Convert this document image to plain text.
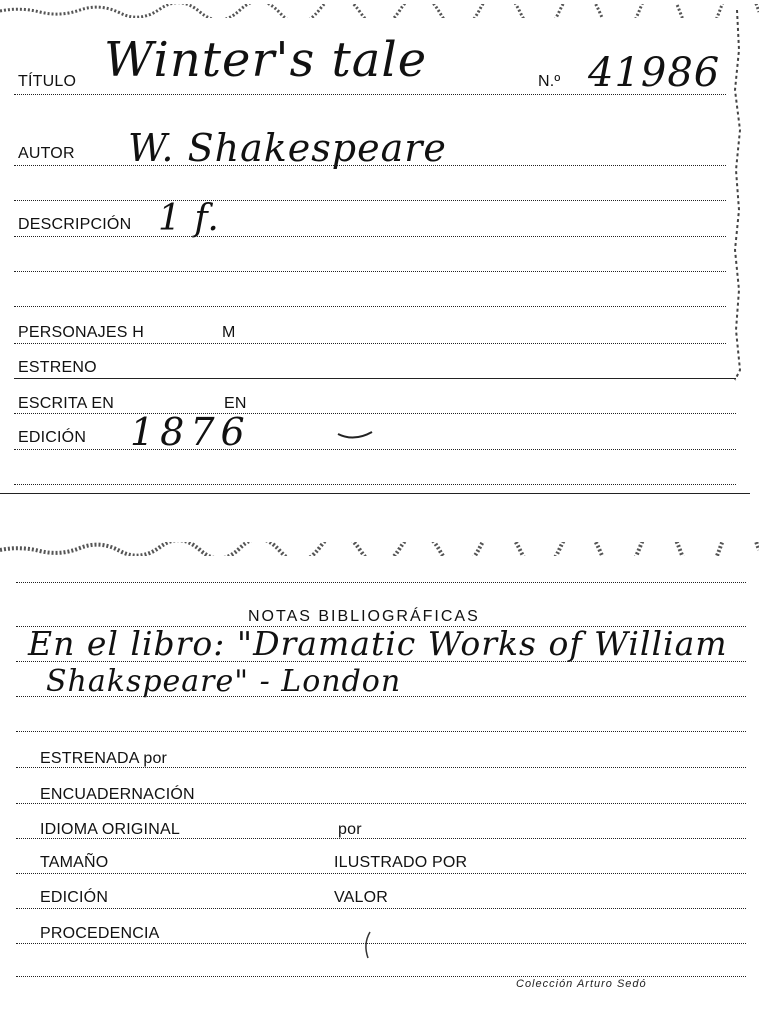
TÍTULO Winter's tale	N.º 41986
AUTOR W. Shakespeare
DESCRIPCIÓN 1 f.
PERSONAJES H	M
ESTRENO
ESCRITA EN	EN
EDICIÓN 1876
NOTAS BIBLIOGRÁFICAS
En el libro: "Dramatic Works of William
Shakspeare" - London
ESTRENADA por
ENCUADERNACIÓN
IDIOMA ORIGINAL	por
TAMAÑO	ILUSTRADO POR
EDICIÓN	VALOR
PROCEDENCIA
Colección Arturo Sedó
